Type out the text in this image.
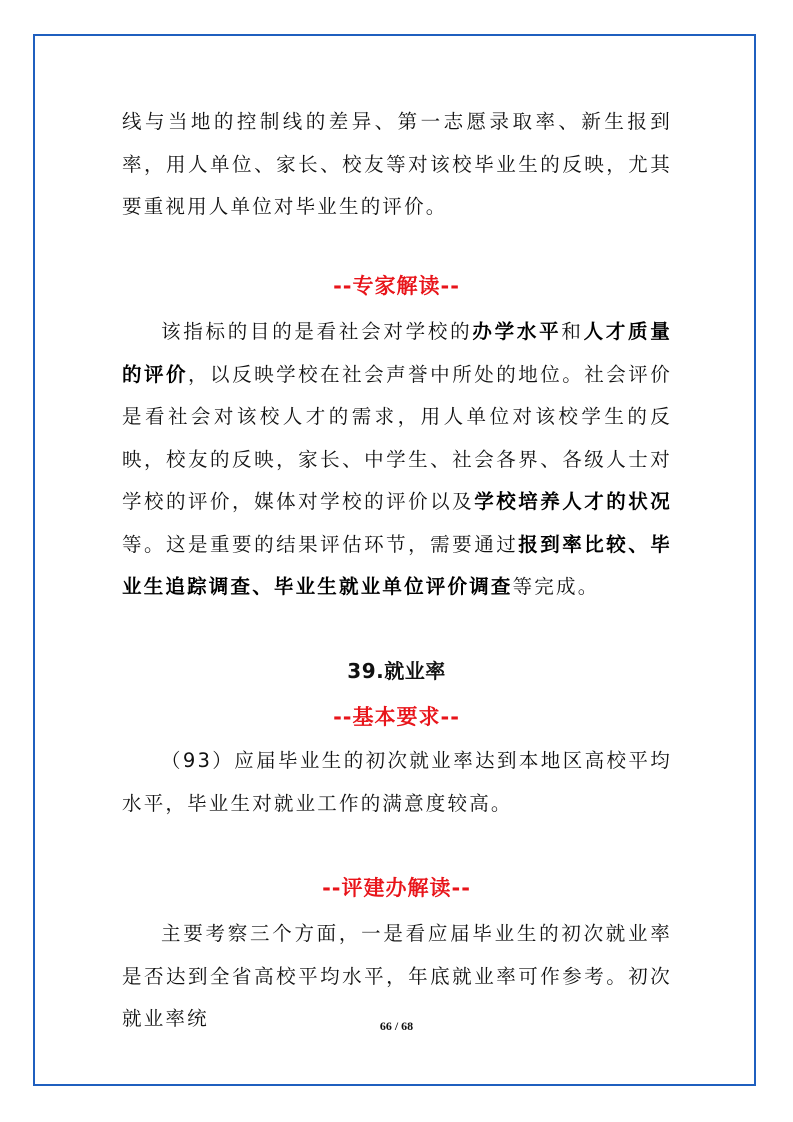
线与当地的控制线的差异、第一志愿录取率、新生报到率，用人单位、家长、校友等对该校毕业生的反映，尤其要重视用人单位对毕业生的评价。

--专家解读--

该指标的目的是看社会对学校的办学水平和人才质量的评价，以反映学校在社会声誉中所处的地位。社会评价是看社会对该校人才的需求，用人单位对该校学生的反映，校友的反映，家长、中学生、社会各界、各级人士对学校的评价，媒体对学校的评价以及学校培养人才的状况等。这是重要的结果评估环节，需要通过报到率比较、毕业生追踪调查、毕业生就业单位评价调查等完成。

39.就业率
--基本要求--

（93）应届毕业生的初次就业率达到本地区高校平均水平，毕业生对就业工作的满意度较高。

--评建办解读--

主要考察三个方面，一是看应届毕业生的初次就业率是否达到全省高校平均水平，年底就业率可作参考。初次就业率统	66 / 68
